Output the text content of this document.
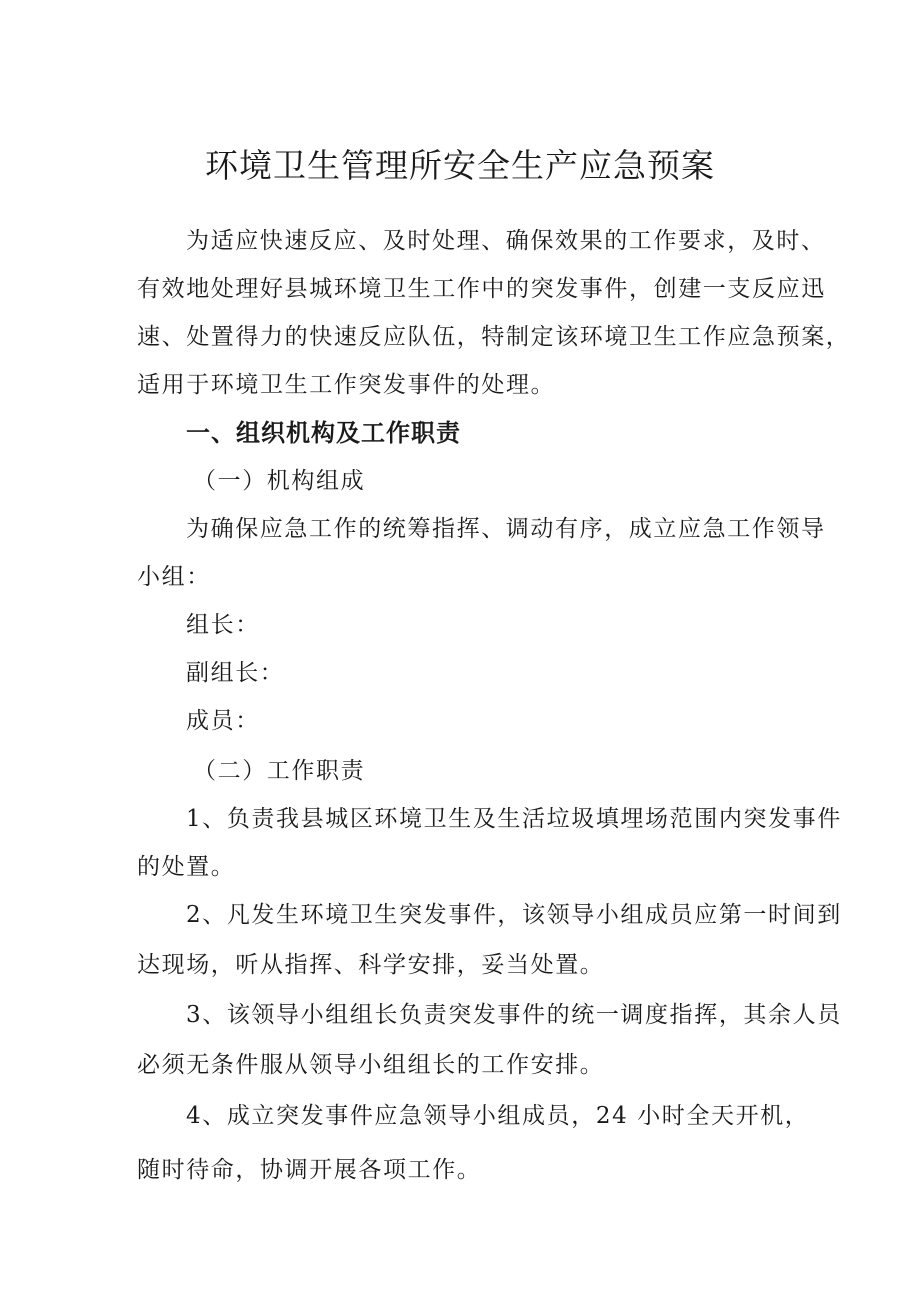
环境卫生管理所安全生产应急预案

为适应快速反应、及时处理、确保效果的工作要求，及时、

有效地处理好县城环境卫生工作中的突发事件，创建一支反应迅

速、处置得力的快速反应队伍，特制定该环境卫生工作应急预案，

适用于环境卫生工作突发事件的处理。

一、组织机构及工作职责

（一）机构组成

为确保应急工作的统筹指挥、调动有序，成立应急工作领导

小组：

组长：

副组长：

成员：

（二）工作职责

1、负责我县城区环境卫生及生活垃圾填埋场范围内突发事件

的处置。

2、凡发生环境卫生突发事件，该领导小组成员应第一时间到

达现场，听从指挥、科学安排，妥当处置。

3、该领导小组组长负责突发事件的统一调度指挥，其余人员

必须无条件服从领导小组组长的工作安排。

4、成立突发事件应急领导小组成员，24 小时全天开机，

随时待命，协调开展各项工作。
